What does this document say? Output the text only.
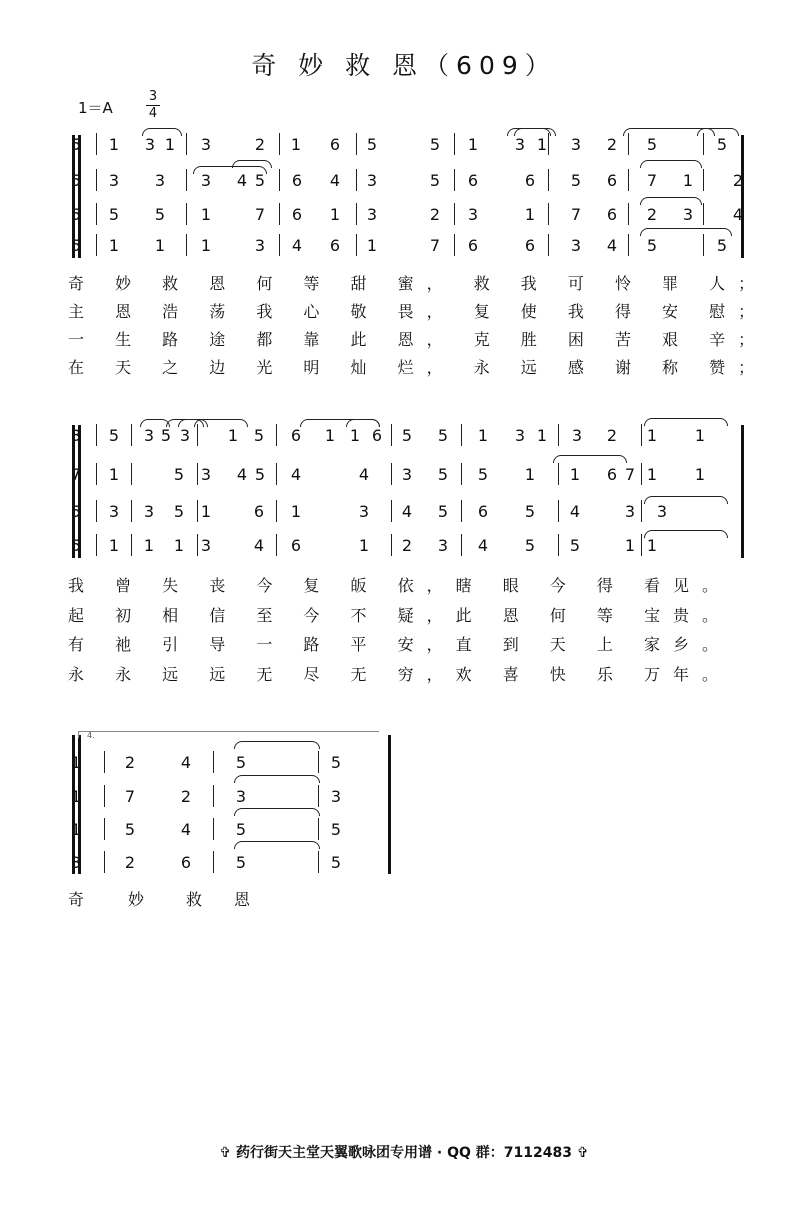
奇 妙 救 恩（609）
1＝A
3
4
5 1 3 1 3	2 1 6 5	5 1 3 1 3 2 5	5
5 3 3 3 4 5 6 4 3	5 6	6 5 6 7 1 2
5 5 5 1	7 6 1 3	2 3	1 7 6 2 3 4
5 1 1 1	3 4 6 1	7 6	6 3 4 5	5
奇 妙 救 恩 何 等 甜 蜜， 救 我 可 怜 罪 人；
主 恩 浩 荡 我 心 敬 畏， 复 使 我 得 安 慰；
一 生 路 途 都 靠 此 恩， 克 胜 困 苦 艰 辛；
在 天 之 边 光 明 灿 烂， 永 远 感 谢 称 赞；
3 5 3 5 3 1 5 6 1 1 6 5 5 1 3 1 3 2 1 1
7 1	5 3 4 5 4	4 3 5 5 1 1 6 7 1 1
5 3 3 5 1	6 1	3 4 5 6 5 4	3 3
5 1 1 1 3	4 6	1 2 3 4 5 5	1 1
我 曾 失 丧 今 复 皈 依，瞎 眼 今 得 看见。
起 初 相 信 至 今 不 疑，此 恩 何 等 宝贵。
有 祂 引 导 一 路 平 安，直 到 天 上 家乡。
永 永 远 远 无 尽 无 穷，欢 喜 快 乐 万年。
1	2	4	5	5
1	7	2	3	3
1	5	4	5	5
3	2	6	5	5
奇	妙	救 恩
4.
✞ 药行街天主堂天翼歌咏团专用谱 · QQ 群：7112483 ✞
